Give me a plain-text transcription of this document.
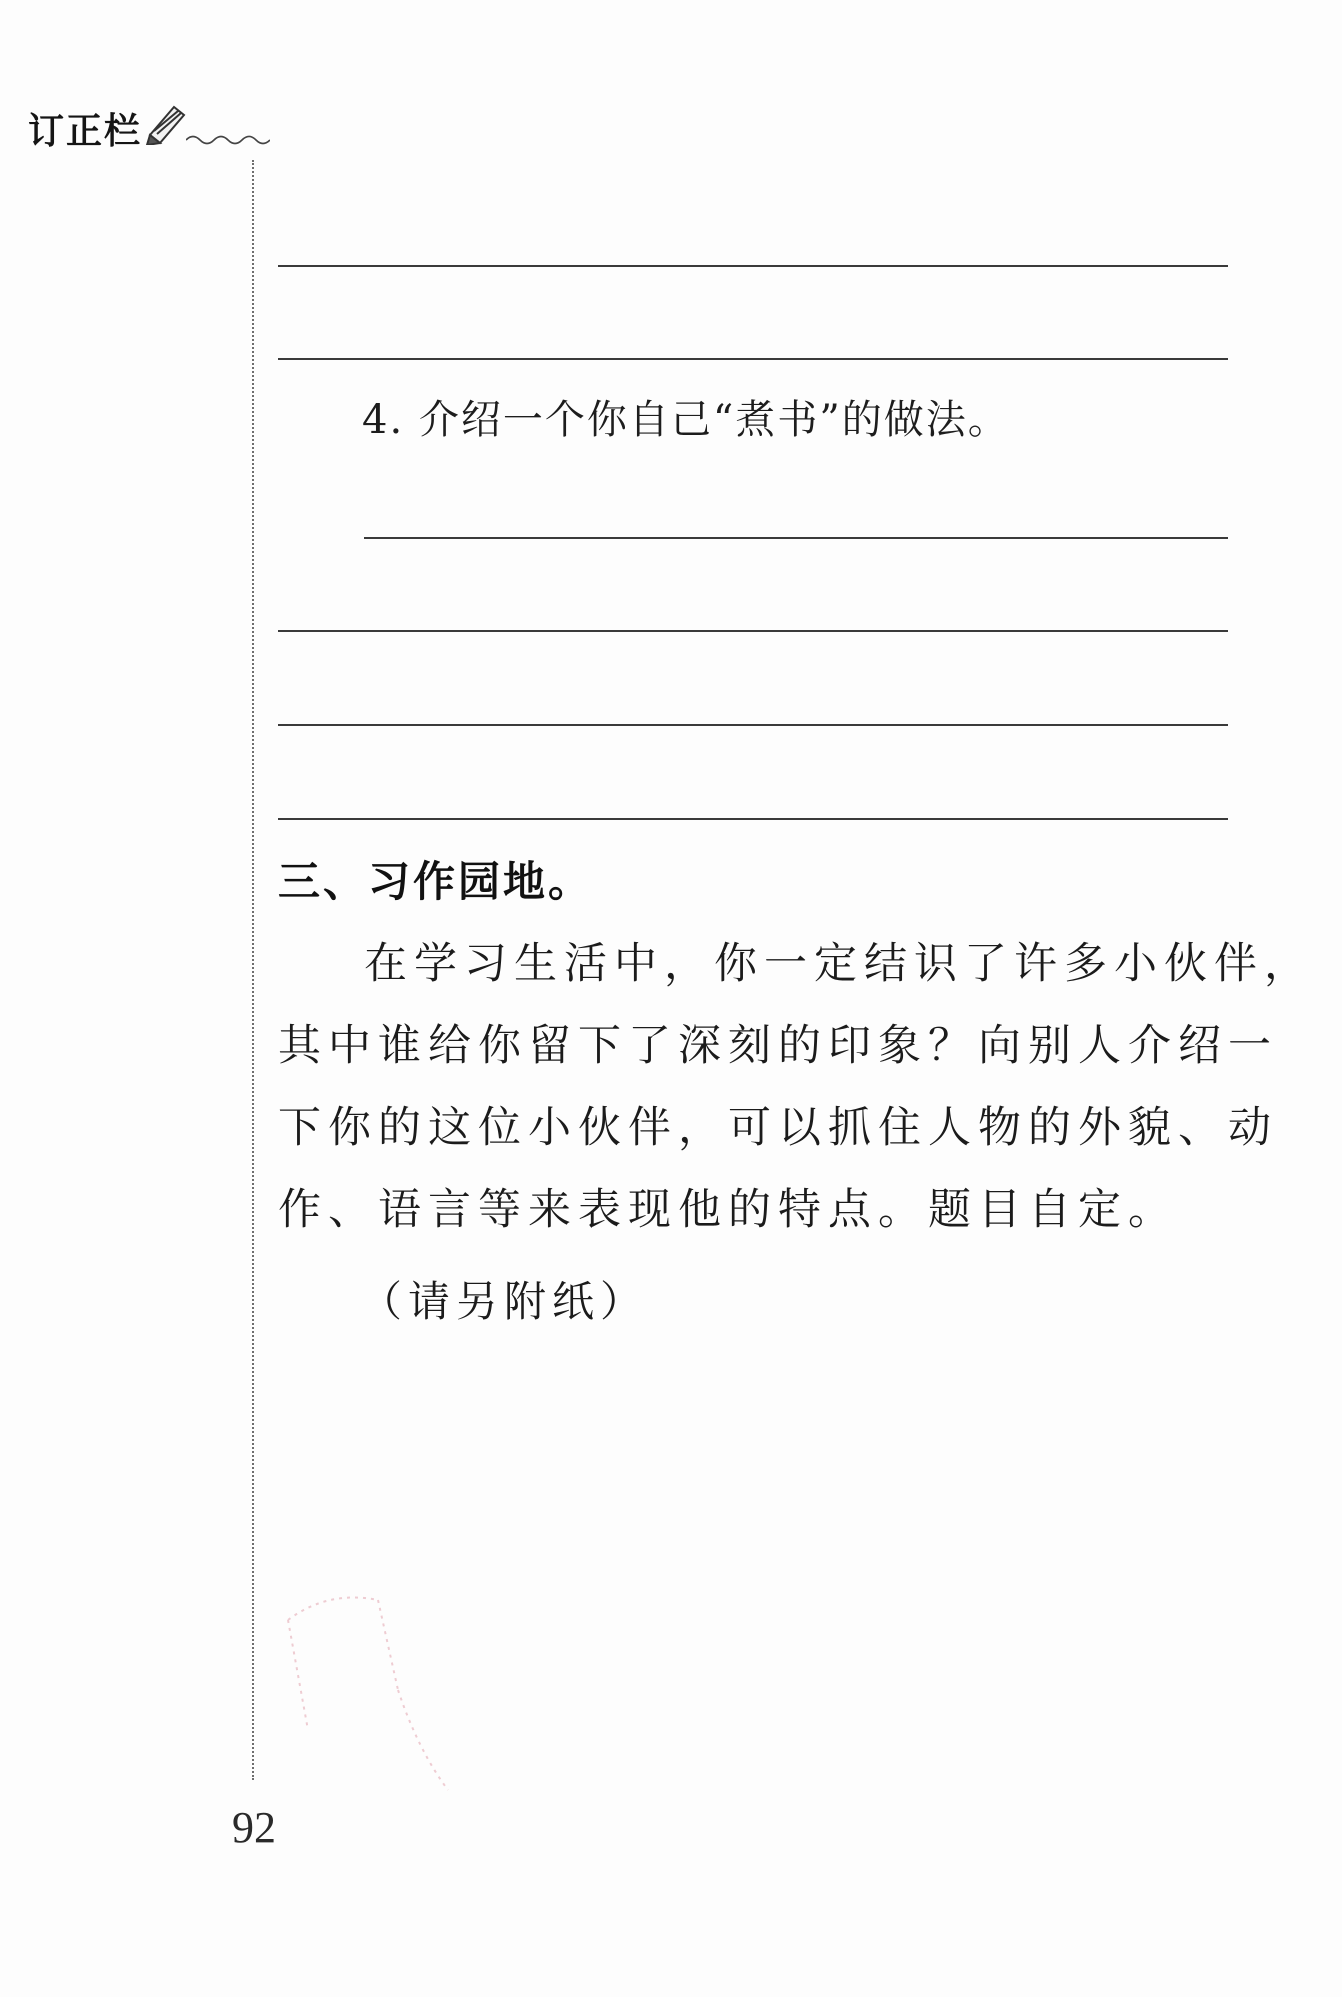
订正栏
4. 介绍一个你自己“煮书”的做法。
三、习作园地。
在学习生活中，你一定结识了许多小伙伴，
其中谁给你留下了深刻的印象？向别人介绍一
下你的这位小伙伴，可以抓住人物的外貌、动
作、语言等来表现他的特点。题目自定。
（请另附纸）
92
